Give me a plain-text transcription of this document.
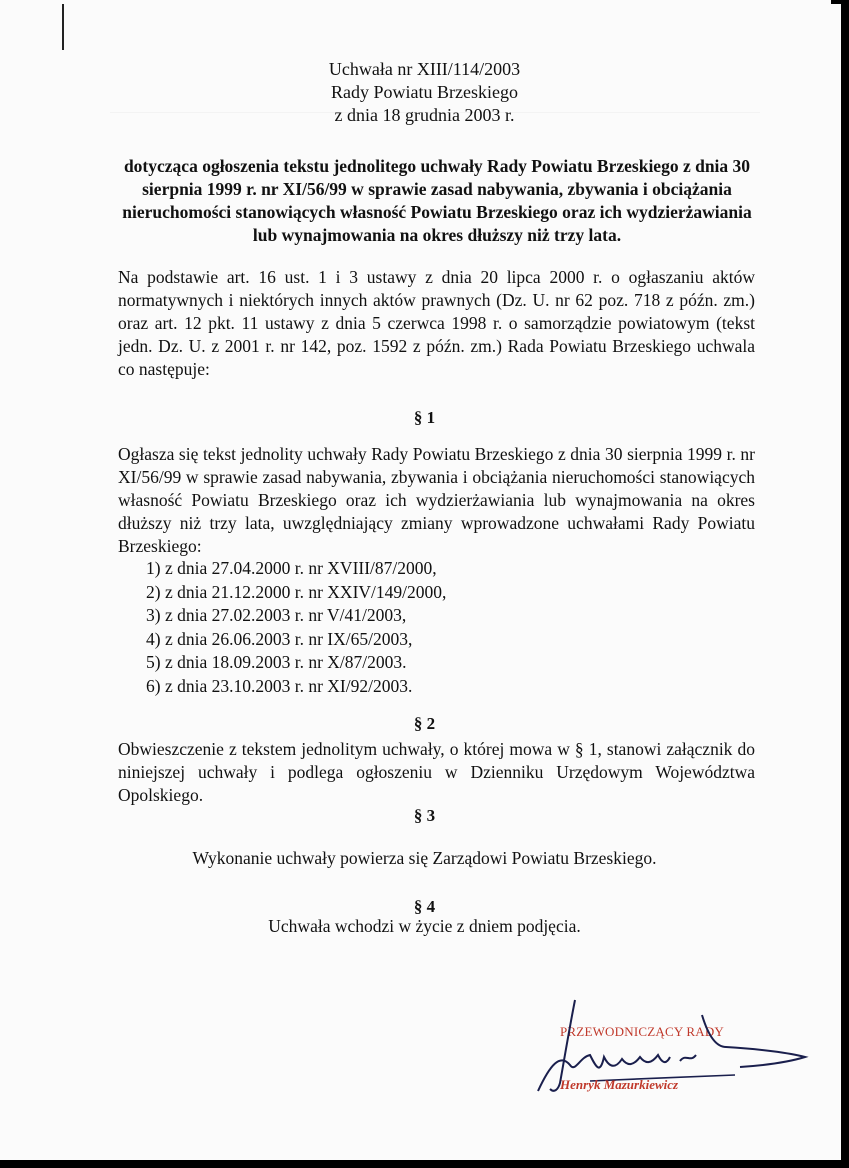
Uchwała nr XIII/114/2003
Rady Powiatu Brzeskiego
z dnia 18 grudnia 2003 r.
dotycząca ogłoszenia tekstu jednolitego uchwały Rady Powiatu Brzeskiego z dnia 30 sierpnia 1999 r. nr XI/56/99 w sprawie zasad nabywania, zbywania i obciążania nieruchomości stanowiących własność Powiatu Brzeskiego oraz ich wydzierżawiania lub wynajmowania na okres dłuższy niż trzy lata.
Na podstawie art. 16 ust. 1 i 3 ustawy z dnia 20 lipca 2000 r. o ogłaszaniu aktów normatywnych i niektórych innych aktów prawnych (Dz. U. nr 62 poz. 718 z późn. zm.) oraz art. 12 pkt. 11 ustawy z dnia 5 czerwca 1998 r. o samorządzie powiatowym (tekst jedn. Dz. U. z 2001 r. nr 142, poz. 1592 z późn. zm.) Rada Powiatu Brzeskiego uchwala co następuje:
§ 1
Ogłasza się tekst jednolity uchwały Rady Powiatu Brzeskiego z dnia 30 sierpnia 1999 r. nr XI/56/99 w sprawie zasad nabywania, zbywania i obciążania nieruchomości stanowiących własność Powiatu Brzeskiego oraz ich wydzierżawiania lub wynajmowania na okres dłuższy niż trzy lata, uwzględniający zmiany wprowadzone uchwałami Rady Powiatu Brzeskiego:
1) z dnia 27.04.2000 r. nr XVIII/87/2000,
2) z dnia 21.12.2000 r. nr XXIV/149/2000,
3) z dnia 27.02.2003 r. nr V/41/2003,
4) z dnia 26.06.2003 r. nr IX/65/2003,
5) z dnia 18.09.2003 r. nr X/87/2003.
6) z dnia 23.10.2003 r. nr XI/92/2003.
§ 2
Obwieszczenie z tekstem jednolitym uchwały, o której mowa w § 1, stanowi załącznik do niniejszej uchwały i podlega ogłoszeniu w Dzienniku Urzędowym Województwa Opolskiego.
§ 3
Wykonanie uchwały powierza się Zarządowi Powiatu Brzeskiego.
§ 4
Uchwała wchodzi w życie z dniem podjęcia.
PRZEWODNICZĄCY RADY
Henryk Mazurkiewicz
